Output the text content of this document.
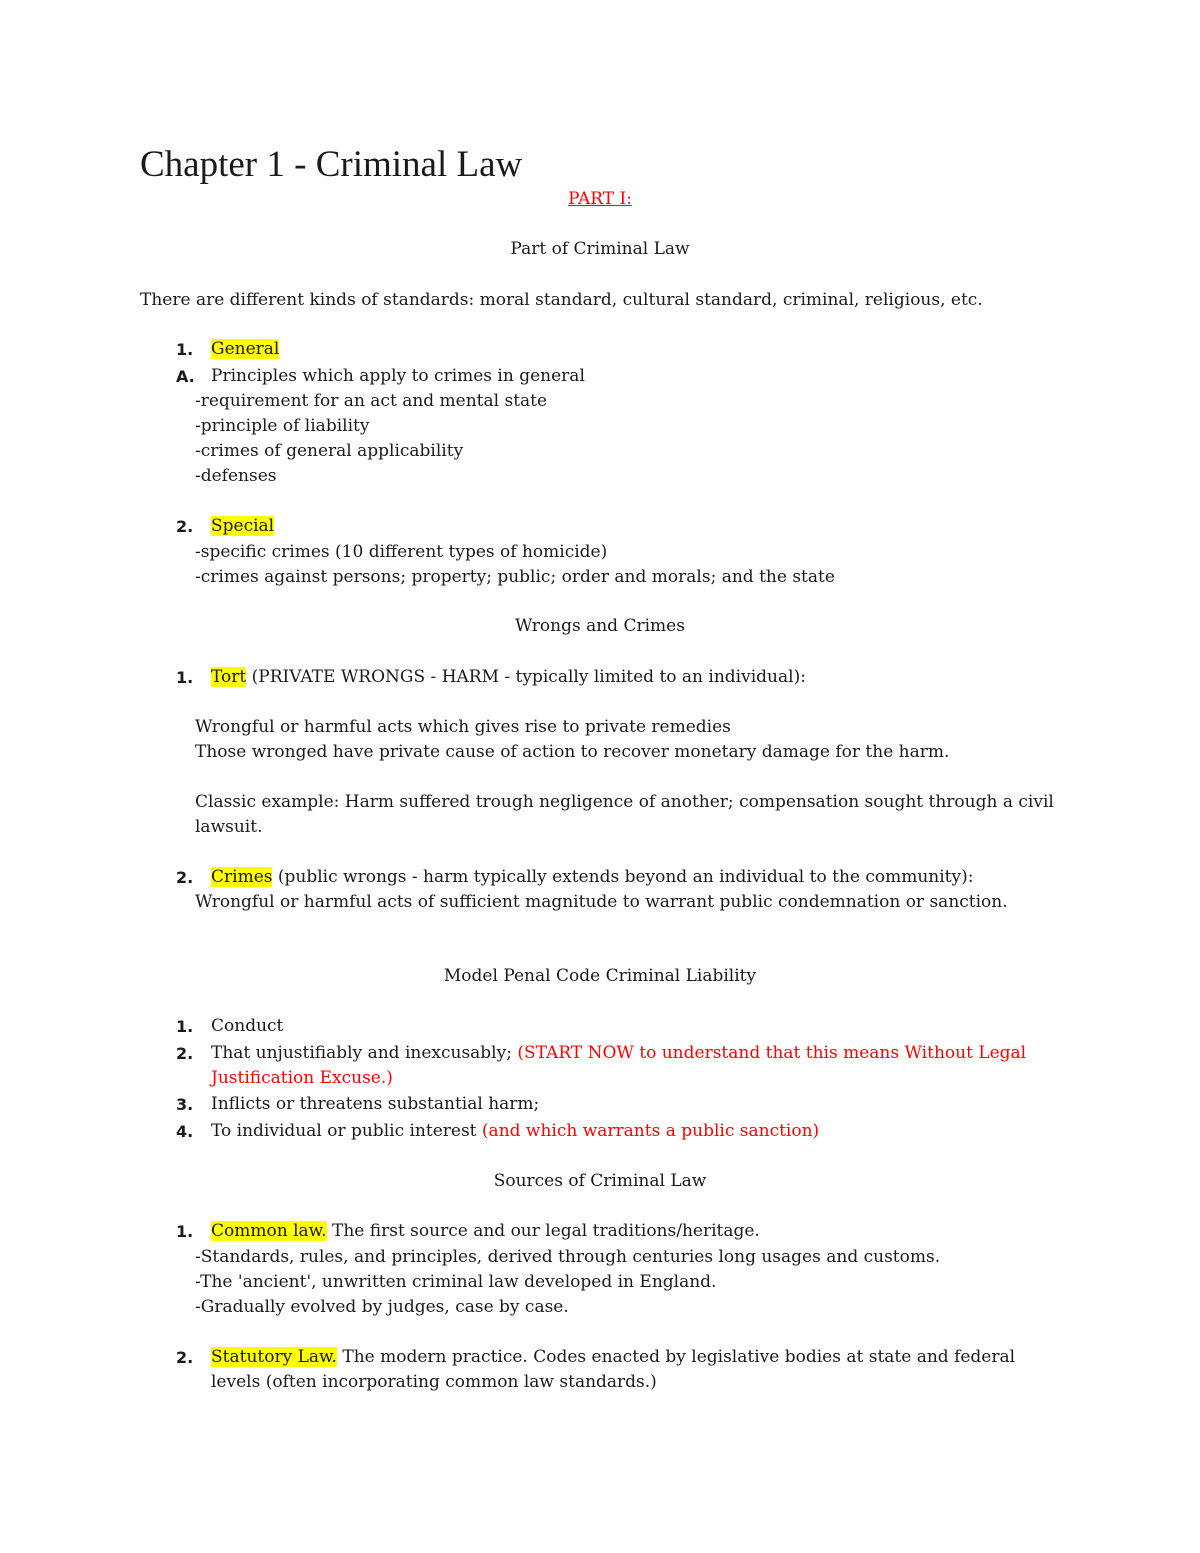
Chapter 1 - Criminal Law
PART I:
Part of Criminal Law
There are different kinds of standards: moral standard, cultural standard, criminal, religious, etc.
1. General
A. Principles which apply to crimes in general
-requirement for an act and mental state
-principle of liability
-crimes of general applicability
-defenses
2. Special
-specific crimes (10 different types of homicide)
-crimes against persons; property; public; order and morals; and the state
Wrongs and Crimes
1. Tort (PRIVATE WRONGS - HARM - typically limited to an individual):
Wrongful or harmful acts which gives rise to private remedies
Those wronged have private cause of action to recover monetary damage for the harm.
Classic example: Harm suffered trough negligence of another; compensation sought through a civil
lawsuit.
2. Crimes (public wrongs - harm typically extends beyond an individual to the community):
Wrongful or harmful acts of sufficient magnitude to warrant public condemnation or sanction.
Model Penal Code Criminal Liability
1. Conduct
2. That unjustifiably and inexcusably; (START NOW to understand that this means Without Legal
Justification Excuse.)
3. Inflicts or threatens substantial harm;
4. To individual or public interest (and which warrants a public sanction)
Sources of Criminal Law
1. Common law. The first source and our legal traditions/heritage.
-Standards, rules, and principles, derived through centuries long usages and customs.
-The 'ancient', unwritten criminal law developed in England.
-Gradually evolved by judges, case by case.
2. Statutory Law. The modern practice. Codes enacted by legislative bodies at state and federal
levels (often incorporating common law standards.)
